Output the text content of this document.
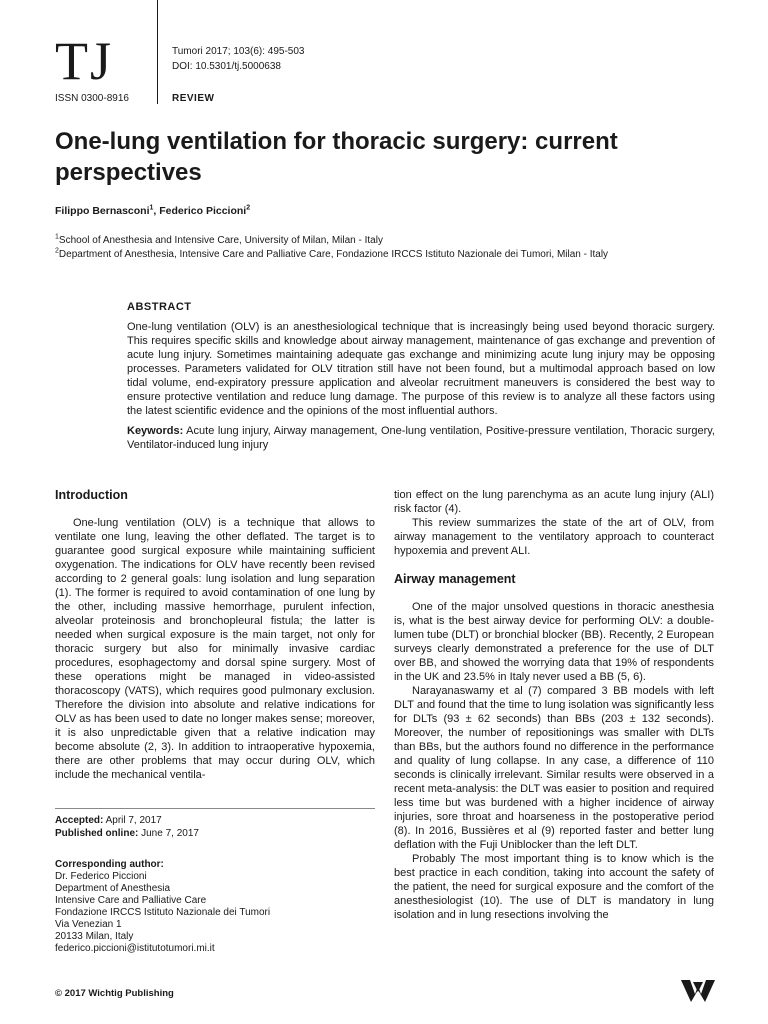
TJ
ISSN 0300-8916
Tumori 2017; 103(6): 495-503
DOI: 10.5301/tj.5000638
REVIEW
One-lung ventilation for thoracic surgery: current perspectives
Filippo Bernasconi$^1$, Federico Piccioni$^2$
$^1$School of Anesthesia and Intensive Care, University of Milan, Milan - Italy
$^2$Department of Anesthesia, Intensive Care and Palliative Care, Fondazione IRCCS Istituto Nazionale dei Tumori, Milan - Italy
ABSTRACT

One-lung ventilation (OLV) is an anesthesiological technique that is increasingly being used beyond thoracic surgery. This requires specific skills and knowledge about airway management, maintenance of gas exchange and prevention of acute lung injury. Sometimes maintaining adequate gas exchange and minimizing acute lung injury may be opposing processes. Parameters validated for OLV titration still have not been found, but a multimodal approach based on low tidal volume, end-expiratory pressure application and alveolar recruitment maneuvers is considered the best way to ensure protective ventilation and reduce lung damage. The purpose of this review is to analyze all these factors using the latest scientific evidence and the opinions of the most influential authors.

Keywords: Acute lung injury, Airway management, One-lung ventilation, Positive-pressure ventilation, Thoracic surgery, Ventilator-induced lung injury

Introduction

One-lung ventilation (OLV) is a technique that allows to ventilate one lung, leaving the other deflated. The target is to guarantee good surgical exposure while maintaining sufficient oxygenation. The indications for OLV have recently been revised according to 2 general goals: lung isolation and lung separation (1). The former is required to avoid contamination of one lung by the other, including massive hemorrhage, purulent infection, alveolar proteinosis and bronchopleural fistula; the latter is needed when surgical exposure is the main target, not only for thoracic surgery but also for minimally invasive cardiac procedures, esophagectomy and dorsal spine surgery. Most of these operations might be managed in video-assisted thoracoscopy (VATS), which requires good pulmonary exclusion. Therefore the division into absolute and relative indications for OLV as has been used to date no longer makes sense; moreover, it is also unpredictable given that a relative indication may become absolute (2, 3). In addition to intraoperative hypoxemia, there are other problems that may occur during OLV, which include the mechanical ventila-

tion effect on the lung parenchyma as an acute lung injury (ALI) risk factor (4).

This review summarizes the state of the art of OLV, from airway management to the ventilatory approach to counteract hypoxemia and prevent ALI.

Airway management

One of the major unsolved questions in thoracic anesthesia is, what is the best airway device for performing OLV: a double-lumen tube (DLT) or bronchial blocker (BB). Recently, 2 European surveys clearly demonstrated a preference for the use of DLT over BB, and showed the worrying data that 19% of respondents in the UK and 23.5% in Italy never used a BB (5, 6).

Narayanaswamy et al (7) compared 3 BB models with left DLT and found that the time to lung isolation was significantly less for DLTs (93 ± 62 seconds) than BBs (203 ± 132 seconds). Moreover, the number of repositionings was smaller with DLTs than BBs, but the authors found no difference in the performance and quality of lung collapse. In any case, a difference of 110 seconds is clinically irrelevant. Similar results were observed in a recent meta-analysis: the DLT was easier to position and required less time but was burdened with a higher incidence of airway injuries, sore throat and hoarseness in the postoperative period (8). In 2016, Bussières et al (9) reported faster and better lung deflation with the Fuji Uniblocker than the left DLT.

Probably The most important thing is to know which is the best practice in each condition, taking into account the safety of the patient, the need for surgical exposure and the comfort of the anesthesiologist (10). The use of DLT is mandatory in lung isolation and in lung resections involving the

Accepted: April 7, 2017
Published online: June 7, 2017
Corresponding author:
Dr. Federico Piccioni
Department of Anesthesia
Intensive Care and Palliative Care
Fondazione IRCCS Istituto Nazionale dei Tumori
Via Venezian 1
20133 Milan, Italy
federico.piccioni@istitutotumori.mi.it
© 2017 Wichtig Publishing
